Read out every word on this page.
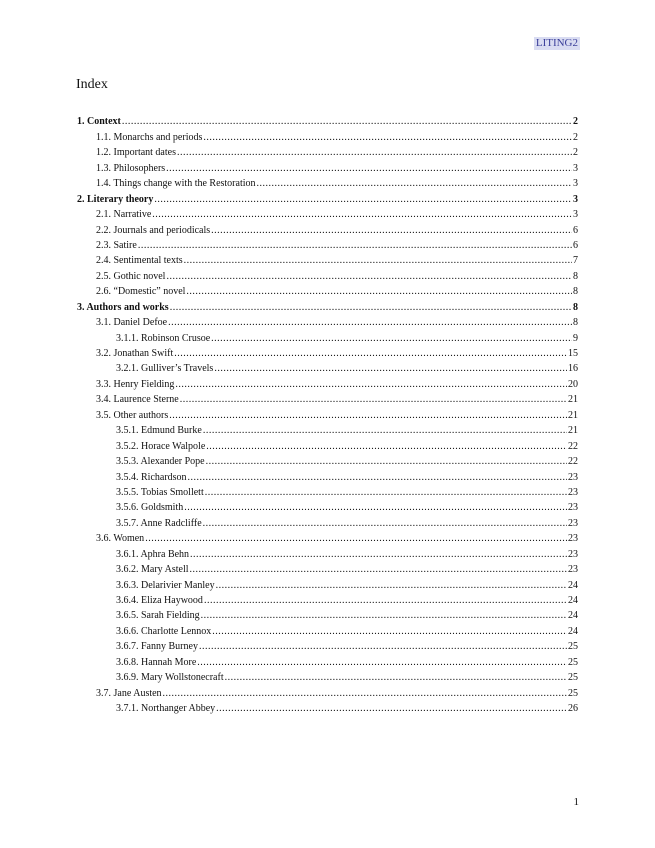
LITING2
Index
1. Context .....	2
1.1. Monarchs and periods .....	2
1.2. Important dates .....	2
1.3. Philosophers .....	3
1.4. Things change with the Restoration .....	3
2. Literary theory .....	3
2.1. Narrative .....	3
2.2. Journals and periodicals .....	6
2.3. Satire .....	6
2.4. Sentimental texts .....	7
2.5. Gothic novel .....	8
2.6. “Domestic” novel .....	8
3. Authors and works .....	8
3.1. Daniel Defoe .....	8
3.1.1. Robinson Crusoe .....	9
3.2. Jonathan Swift .....	15
3.2.1. Gulliver’s Travels .....	16
3.3. Henry Fielding .....	20
3.4. Laurence Sterne .....	21
3.5. Other authors .....	21
3.5.1. Edmund Burke .....	21
3.5.2. Horace Walpole .....	22
3.5.3. Alexander Pope .....	22
3.5.4. Richardson .....	23
3.5.5. Tobias Smollett .....	23
3.5.6. Goldsmith .....	23
3.5.7. Anne Radcliffe .....	23
3.6. Women .....	23
3.6.1. Aphra Behn .....	23
3.6.2. Mary Astell .....	23
3.6.3. Delarivier Manley .....	24
3.6.4. Eliza Haywood .....	24
3.6.5. Sarah Fielding .....	24
3.6.6. Charlotte Lennox .....	24
3.6.7. Fanny Burney .....	25
3.6.8. Hannah More .....	25
3.6.9. Mary Wollstonecraft .....	25
3.7. Jane Austen .....	25
3.7.1. Northanger Abbey .....	26
1
